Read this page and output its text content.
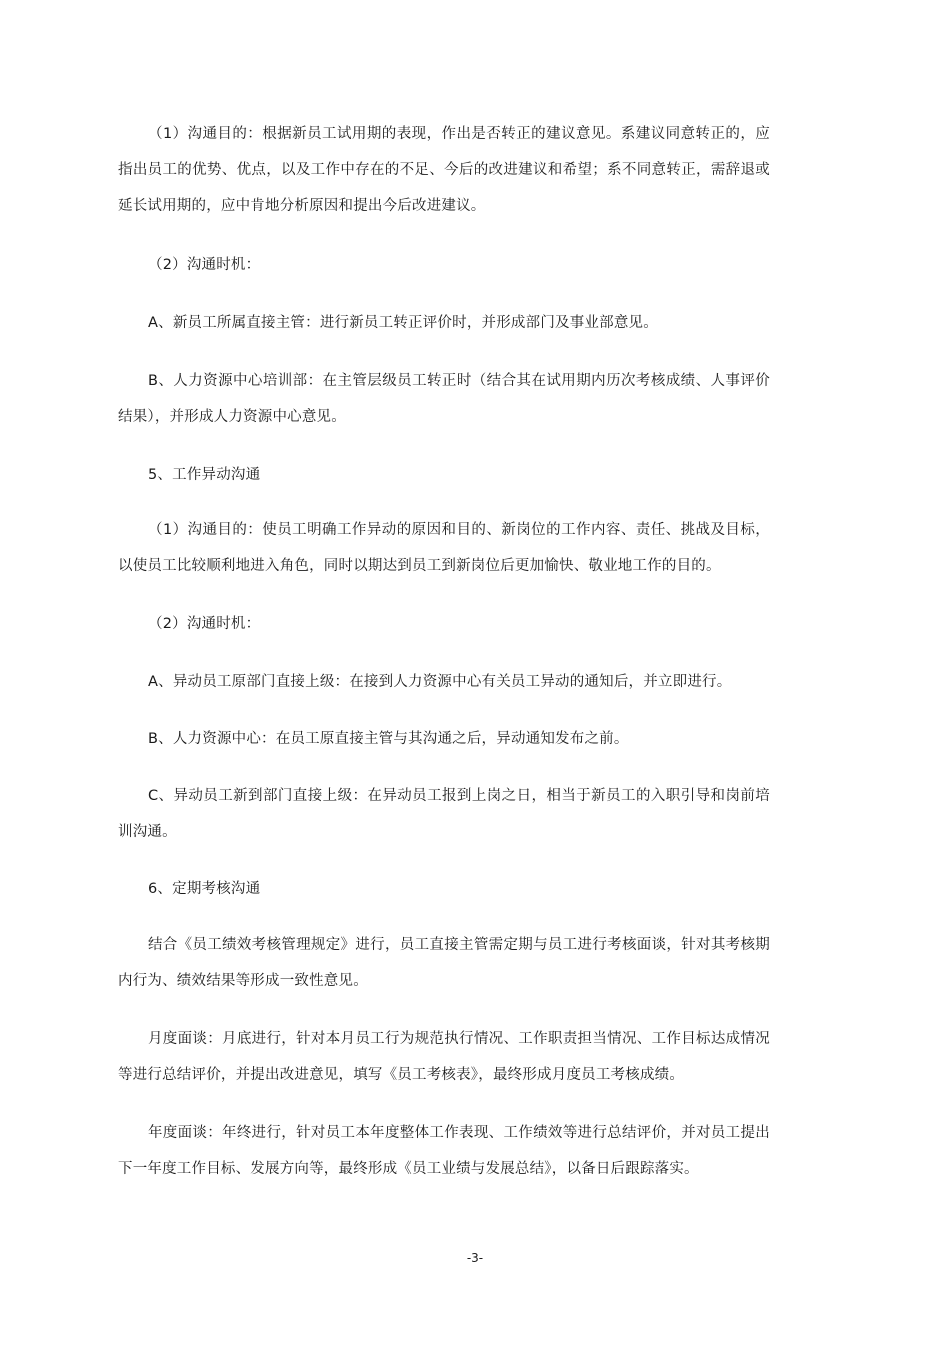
（1）沟通目的：根据新员工试用期的表现，作出是否转正的建议意见。系建议同意转正的，应指出员工的优势、优点，以及工作中存在的不足、今后的改进建议和希望；系不同意转正，需辞退或延长试用期的，应中肯地分析原因和提出今后改进建议。

（2）沟通时机：

A、新员工所属直接主管：进行新员工转正评价时，并形成部门及事业部意见。

B、人力资源中心培训部：在主管层级员工转正时（结合其在试用期内历次考核成绩、人事评价结果），并形成人力资源中心意见。

5、工作异动沟通

（1）沟通目的：使员工明确工作异动的原因和目的、新岗位的工作内容、责任、挑战及目标，以使员工比较顺利地进入角色，同时以期达到员工到新岗位后更加愉快、敬业地工作的目的。

（2）沟通时机：

A、异动员工原部门直接上级：在接到人力资源中心有关员工异动的通知后，并立即进行。

B、人力资源中心：在员工原直接主管与其沟通之后，异动通知发布之前。

C、异动员工新到部门直接上级：在异动员工报到上岗之日，相当于新员工的入职引导和岗前培训沟通。

6、定期考核沟通

结合《员工绩效考核管理规定》进行，员工直接主管需定期与员工进行考核面谈，针对其考核期内行为、绩效结果等形成一致性意见。

月度面谈：月底进行，针对本月员工行为规范执行情况、工作职责担当情况、工作目标达成情况等进行总结评价，并提出改进意见，填写《员工考核表》，最终形成月度员工考核成绩。

年度面谈：年终进行，针对员工本年度整体工作表现、工作绩效等进行总结评价，并对员工提出下一年度工作目标、发展方向等，最终形成《员工业绩与发展总结》，以备日后跟踪落实。

-3-
